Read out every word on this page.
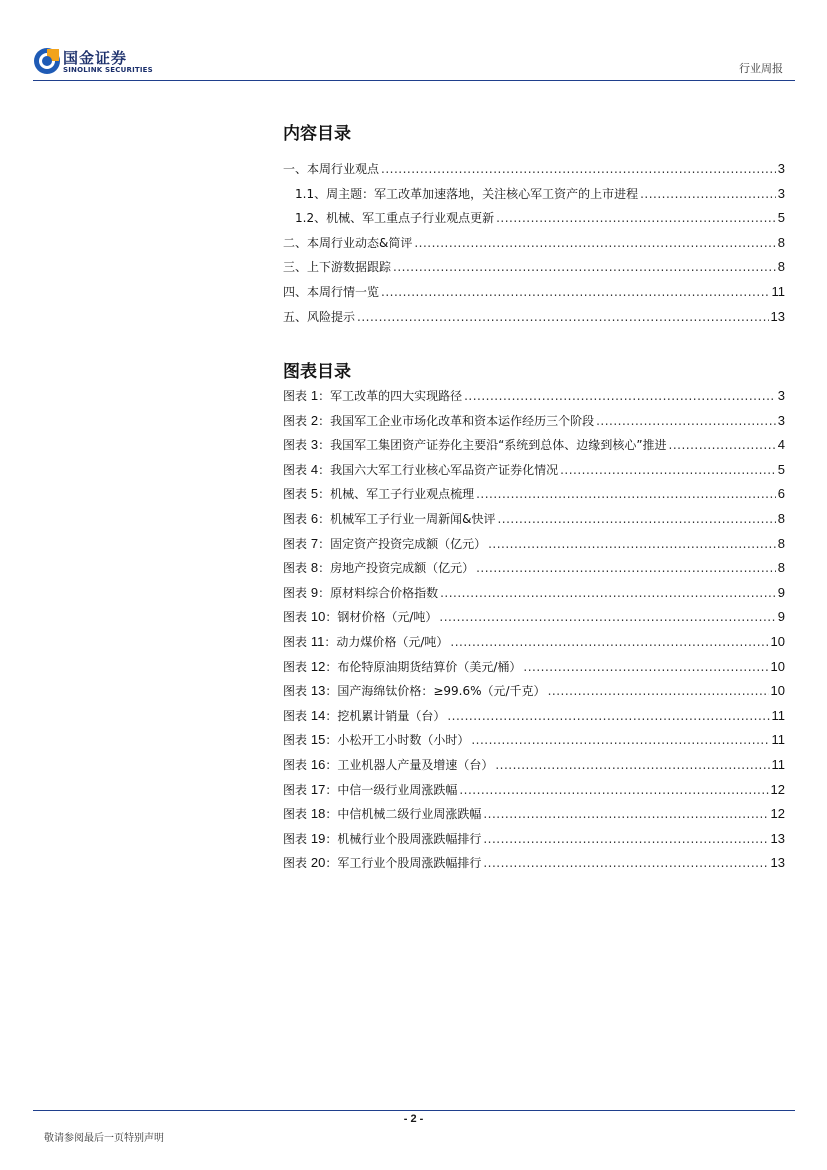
国金证券
SINOLINK SECURITIES	行业周报
内容目录
一、本周行业观点 .....	3
1.1、周主题：军工改革加速落地，关注核心军工资产的上市进程 .....	3
1.2、机械、军工重点子行业观点更新 .....	5
二、本周行业动态&简评 .....	8
三、上下游数据跟踪 .....	8
四、本周行情一览 .....	11
五、风险提示 .....	13
图表目录
图表 1：军工改革的四大实现路径 .....	3
图表 2：我国军工企业市场化改革和资本运作经历三个阶段 .....	3
图表 3：我国军工集团资产证券化主要沿“系统到总体、边缘到核心”推进 .....	4
图表 4：我国六大军工行业核心军品资产证券化情况 .....	5
图表 5：机械、军工子行业观点梳理 .....	6
图表 6：机械军工子行业一周新闻&快评 .....	8
图表 7：固定资产投资完成额（亿元） .....	8
图表 8：房地产投资完成额（亿元） .....	8
图表 9：原材料综合价格指数 .....	9
图表 10：钢材价格（元/吨） .....	9
图表 11：动力煤价格（元/吨） .....	10
图表 12：布伦特原油期货结算价（美元/桶） .....	10
图表 13：国产海绵钛价格：≥99.6%（元/千克） .....	10
图表 14：挖机累计销量（台） .....	11
图表 15：小松开工小时数（小时） .....	11
图表 16：工业机器人产量及增速（台） .....	11
图表 17：中信一级行业周涨跌幅 .....	12
图表 18：中信机械二级行业周涨跌幅 .....	12
图表 19：机械行业个股周涨跌幅排行 .....	13
图表 20：军工行业个股周涨跌幅排行 .....	13
- 2 -
敬请参阅最后一页特别声明
